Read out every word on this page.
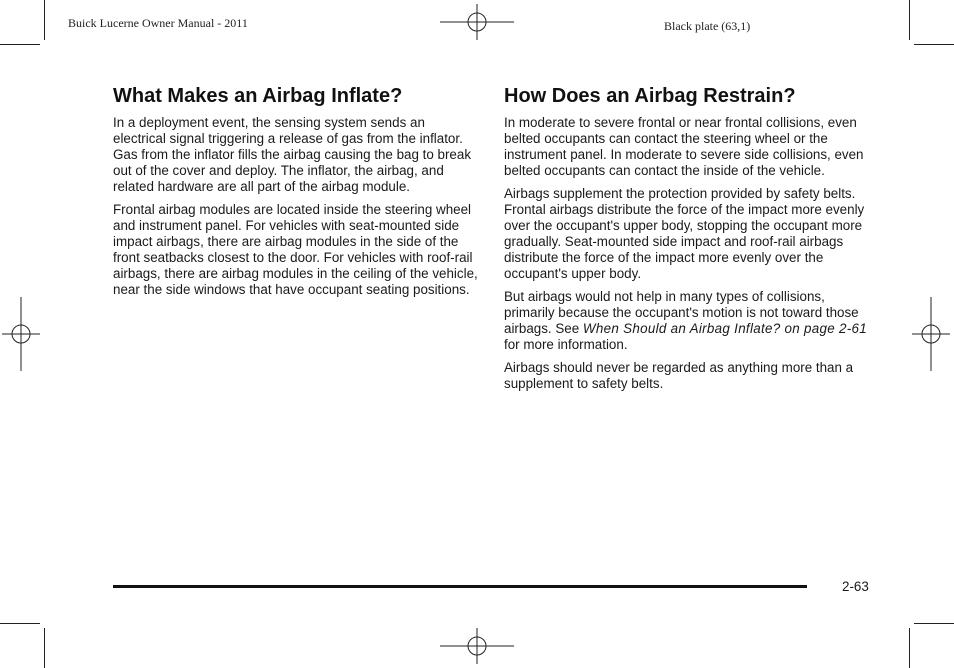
Buick Lucerne Owner Manual - 2011	Black plate (63,1)
What Makes an Airbag Inflate?

In a deployment event, the sensing system sends an electrical signal triggering a release of gas from the inflator. Gas from the inflator fills the airbag causing the bag to break out of the cover and deploy. The inflator, the airbag, and related hardware are all part of the airbag module.

Frontal airbag modules are located inside the steering wheel and instrument panel. For vehicles with seat-mounted side impact airbags, there are airbag modules in the side of the front seatbacks closest to the door. For vehicles with roof-rail airbags, there are airbag modules in the ceiling of the vehicle, near the side windows that have occupant seating positions.

How Does an Airbag Restrain?

In moderate to severe frontal or near frontal collisions, even belted occupants can contact the steering wheel or the instrument panel. In moderate to severe side collisions, even belted occupants can contact the inside of the vehicle.

Airbags supplement the protection provided by safety belts. Frontal airbags distribute the force of the impact more evenly over the occupant's upper body, stopping the occupant more gradually. Seat-mounted side impact and roof-rail airbags distribute the force of the impact more evenly over the occupant's upper body.

But airbags would not help in many types of collisions, primarily because the occupant's motion is not toward those airbags. See When Should an Airbag Inflate? on page 2-61 for more information.

Airbags should never be regarded as anything more than a supplement to safety belts.

2-63
